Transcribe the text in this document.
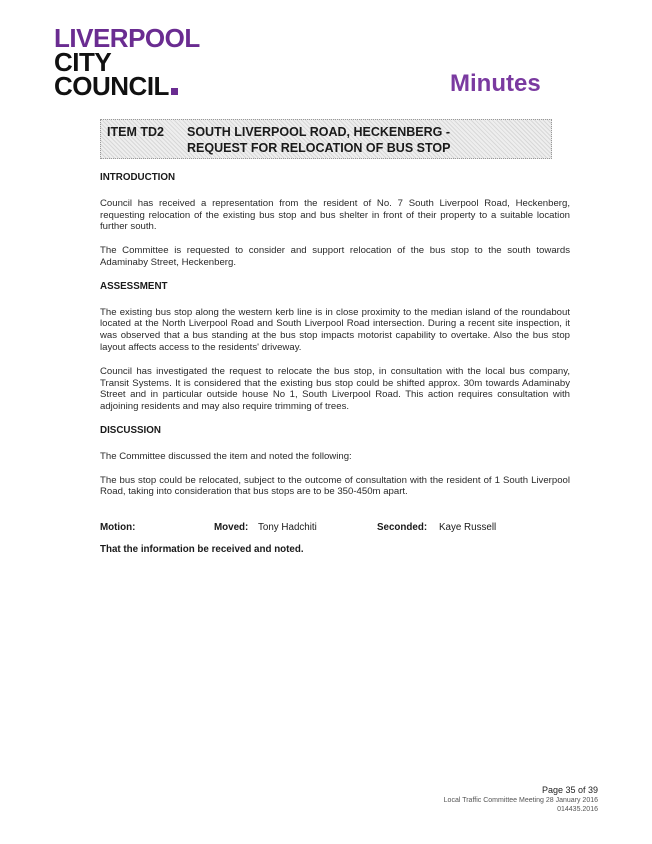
LIVERPOOL
CITY
COUNCIL	Minutes
ITEM TD2 SOUTH LIVERPOOL ROAD, HECKENBERG -
REQUEST FOR RELOCATION OF BUS STOP
INTRODUCTION

Council has received a representation from the resident of No. 7 South Liverpool Road, Heckenberg, requesting relocation of the existing bus stop and bus shelter in front of their property to a suitable location further south.

The Committee is requested to consider and support relocation of the bus stop to the south towards Adaminaby Street, Heckenberg.

ASSESSMENT

The existing bus stop along the western kerb line is in close proximity to the median island of the roundabout located at the North Liverpool Road and South Liverpool Road intersection. During a recent site inspection, it was observed that a bus standing at the bus stop impacts motorist capability to overtake. Also the bus stop layout affects access to the residents' driveway.

Council has investigated the request to relocate the bus stop, in consultation with the local bus company, Transit Systems. It is considered that the existing bus stop could be shifted approx. 30m towards Adaminaby Street and in particular outside house No 1, South Liverpool Road. This action requires consultation with adjoining residents and may also require trimming of trees.

DISCUSSION

The Committee discussed the item and noted the following:

The bus stop could be relocated, subject to the outcome of consultation with the resident of 1 South Liverpool Road, taking into consideration that bus stops are to be 350-450m apart.

Motion:	Moved: Tony Hadchiti	Seconded: Kaye Russell
That the information be received and noted.
Page 35 of 39
Local Traffic Committee Meeting 28 January 2016
014435.2016
